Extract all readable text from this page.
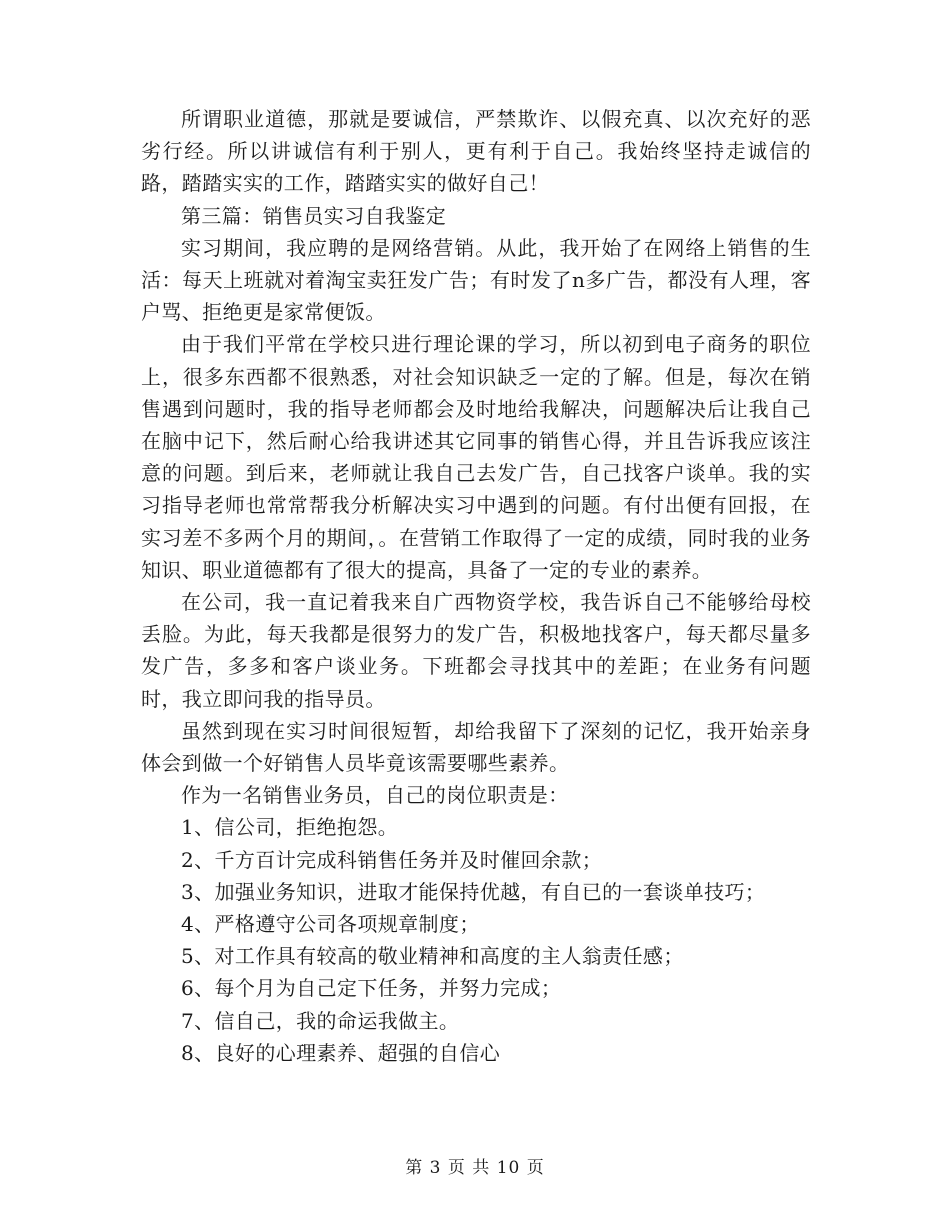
所谓职业道德，那就是要诚信，严禁欺诈、以假充真、以次充好的恶劣行经。所以讲诚信有利于别人，更有利于自己。我始终坚持走诚信的路，踏踏实实的工作，踏踏实实的做好自己！

第三篇：销售员实习自我鉴定

实习期间，我应聘的是网络营销。从此，我开始了在网络上销售的生活：每天上班就对着淘宝卖狂发广告；有时发了n多广告，都没有人理，客户骂、拒绝更是家常便饭。

由于我们平常在学校只进行理论课的学习，所以初到电子商务的职位上，很多东西都不很熟悉，对社会知识缺乏一定的了解。但是，每次在销售遇到问题时，我的指导老师都会及时地给我解决，问题解决后让我自己在脑中记下，然后耐心给我讲述其它同事的销售心得，并且告诉我应该注意的问题。到后来，老师就让我自己去发广告，自己找客户谈单。我的实习指导老师也常常帮我分析解决实习中遇到的问题。有付出便有回报，在实习差不多两个月的期间，。在营销工作取得了一定的成绩，同时我的业务知识、职业道德都有了很大的提高，具备了一定的专业的素养。

在公司，我一直记着我来自广西物资学校，我告诉自己不能够给母校丢脸。为此，每天我都是很努力的发广告，积极地找客户，每天都尽量多发广告，多多和客户谈业务。下班都会寻找其中的差距；在业务有问题时，我立即问我的指导员。

虽然到现在实习时间很短暂，却给我留下了深刻的记忆，我开始亲身体会到做一个好销售人员毕竟该需要哪些素养。

作为一名销售业务员，自己的岗位职责是：

1、信公司，拒绝抱怨。

2、千方百计完成科销售任务并及时催回余款；

3、加强业务知识，进取才能保持优越，有自已的一套谈单技巧；

4、严格遵守公司各项规章制度；

5、对工作具有较高的敬业精神和高度的主人翁责任感；

6、每个月为自己定下任务，并努力完成；

7、信自己，我的命运我做主。

8、良好的心理素养、超强的自信心

第 3 页 共 10 页
